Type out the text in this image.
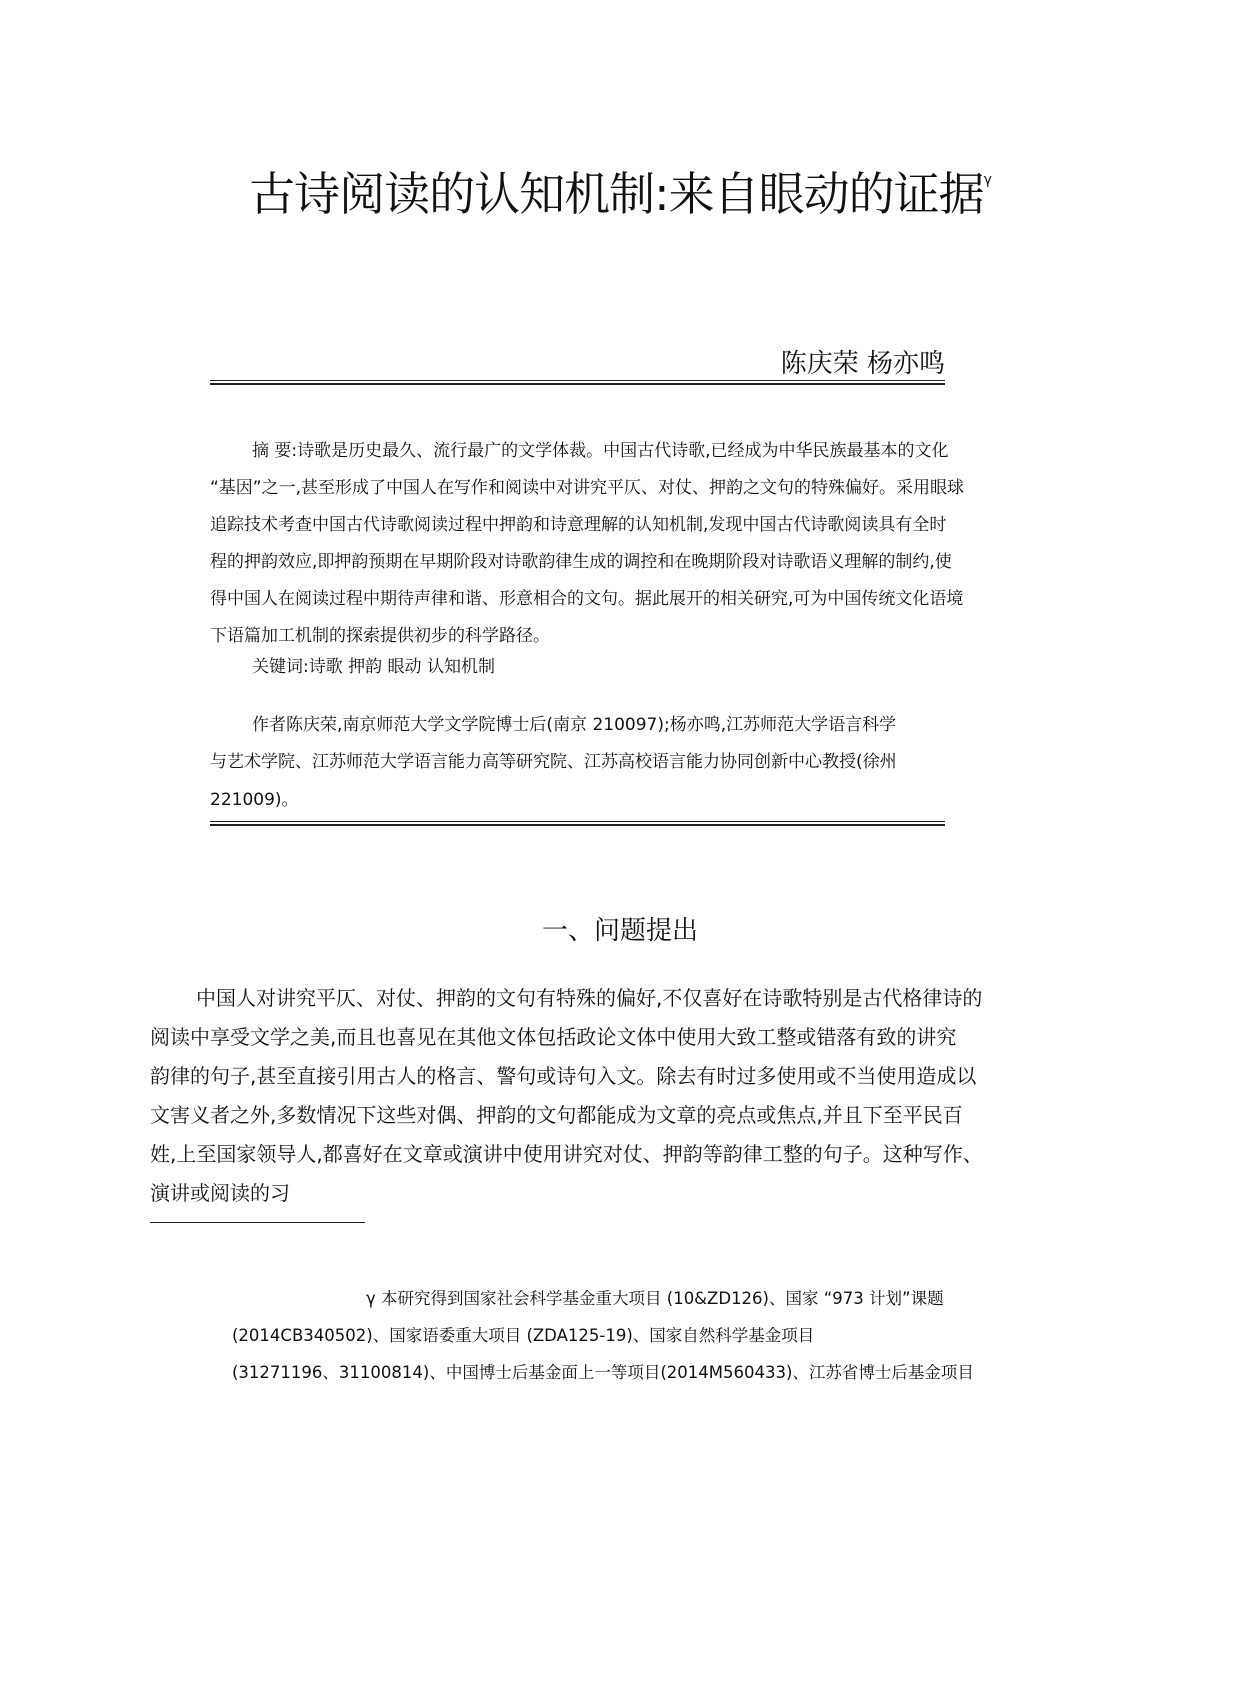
古诗阅读的认知机制:来自眼动的证据$^\gamma$
陈庆荣 杨亦鸣
摘 要:诗歌是历史最久、流行最广的文学体裁。中国古代诗歌,已经成为中华民族最基本的文化
“基因”之一,甚至形成了中国人在写作和阅读中对讲究平仄、对仗、押韵之文句的特殊偏好。采用眼球
追踪技术考查中国古代诗歌阅读过程中押韵和诗意理解的认知机制,发现中国古代诗歌阅读具有全时
程的押韵效应,即押韵预期在早期阶段对诗歌韵律生成的调控和在晚期阶段对诗歌语义理解的制约,使
得中国人在阅读过程中期待声律和谐、形意相合的文句。据此展开的相关研究,可为中国传统文化语境
下语篇加工机制的探索提供初步的科学路径。
关键词:诗歌 押韵 眼动 认知机制
作者陈庆荣,南京师范大学文学院博士后(南京 210097);杨亦鸣,江苏师范大学语言科学
与艺术学院、江苏师范大学语言能力高等研究院、江苏高校语言能力协同创新中心教授(徐州
221009)。
一、问题提出
中国人对讲究平仄、对仗、押韵的文句有特殊的偏好,不仅喜好在诗歌特别是古代格律诗的
阅读中享受文学之美,而且也喜见在其他文体包括政论文体中使用大致工整或错落有致的讲究
韵律的句子,甚至直接引用古人的格言、警句或诗句入文。除去有时过多使用或不当使用造成以
文害义者之外,多数情况下这些对偶、押韵的文句都能成为文章的亮点或焦点,并且下至平民百
姓,上至国家领导人,都喜好在文章或演讲中使用讲究对仗、押韵等韵律工整的句子。这种写作、
演讲或阅读的习
γ 本研究得到国家社会科学基金重大项目 (10&ZD126)、国家 “973 计划”课题
(2014CB340502)、国家语委重大项目 (ZDA125-19)、国家自然科学基金项目
(31271196、31100814)、中国博士后基金面上一等项目(2014M560433)、江苏省博士后基金项目
